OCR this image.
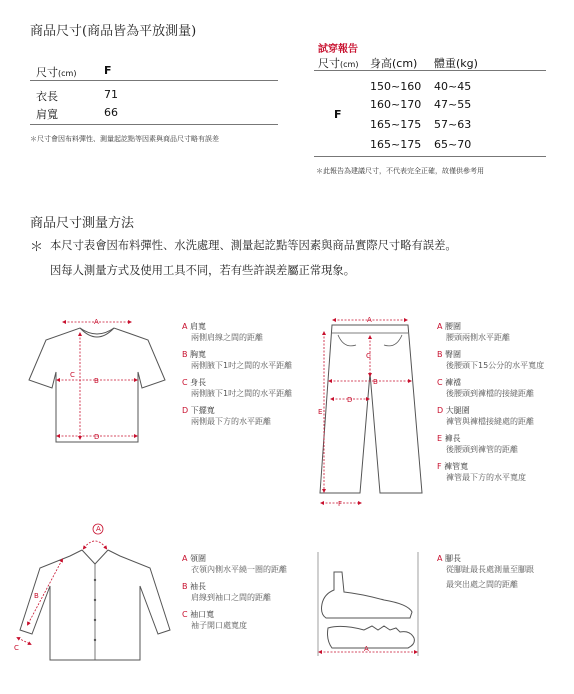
商品尺寸(商品皆為平放測量)
尺寸(cm)	F
衣長	71
肩寬	66
＊尺寸會因布料彈性、測量起訖點等因素與商品尺寸略有誤差
試穿報告
尺寸(cm) 身高(cm) 體重(kg)
F
150~160 40~45
160~170 47~55
165~175 57~63
165~175 65~70
＊此報告為建議尺寸，不代表完全正確，故僅供參考用
商品尺寸測量方法
＊ 本尺寸表會因布料彈性、水洗處理、測量起訖點等因素與商品實際尺寸略有誤差。
因每人測量方式及使用工具不同，若有些許誤差屬正常現象。
A
B
C
D
A 肩寬
兩側肩線之間的距離
B 胸寬
兩側腋下1吋之間的水平距離
C 身長
兩側腋下1吋之間的水平距離
D 下擺寬
兩側最下方的水平距離
A
B
C
D
E
F
A 腰圍
腰頭兩側水平距離
B 臀圍
後腰頭下15公分的水平寬度
C 褲襠
後腰頭到褲檔的接縫距離
D 大腿圍
褲管與褲檔接縫處的距離
E 褲長
後腰頭到褲管的距離
F 褲管寬
褲管最下方的水平寬度
A
B
C
A 領圍
衣領內側水平繞一圈的距離
B 袖長
肩線到袖口之間的距離
C 袖口寬
袖子開口處寬度
A
A 腳長
從腳趾最長處測量至腳跟
最突出處之間的距離
